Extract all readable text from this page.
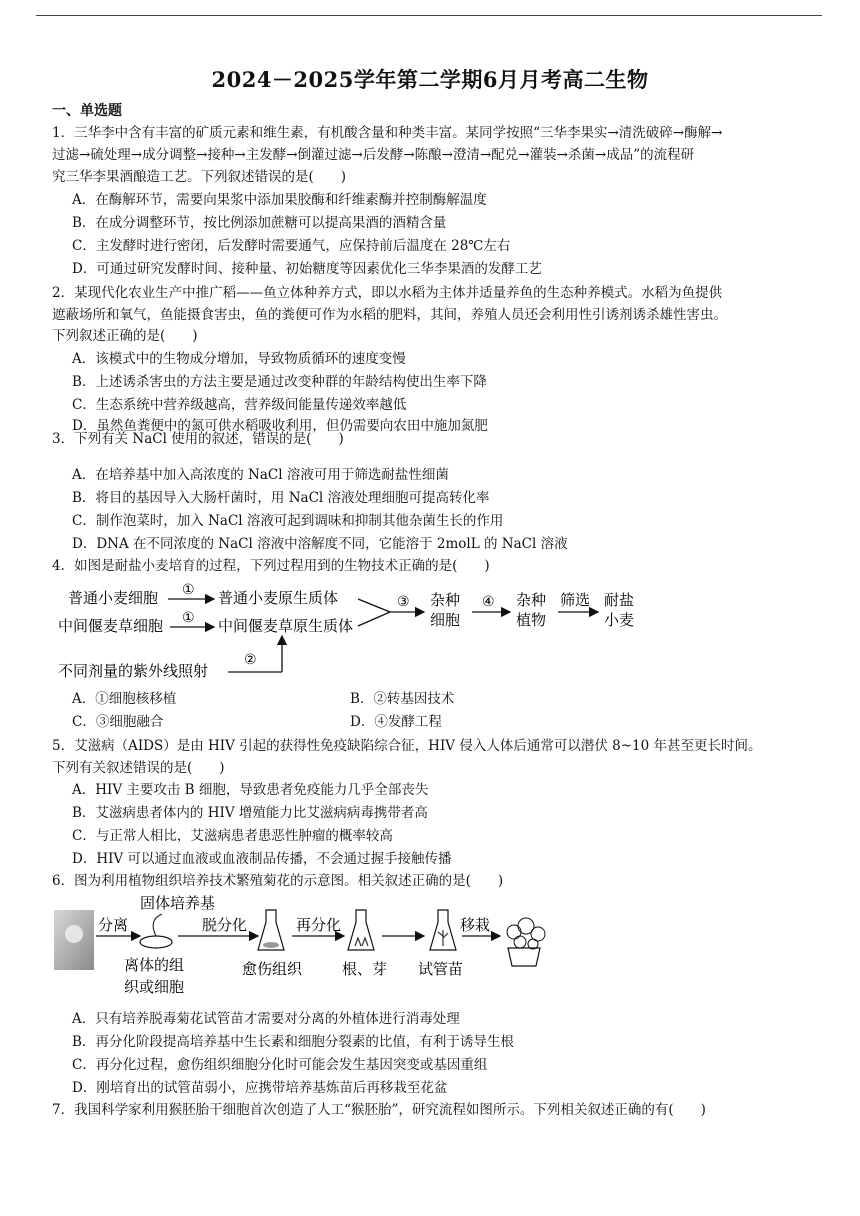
2024－2025学年第二学期6月月考高二生物
一、单选题
1．三华李中含有丰富的矿质元素和维生素，有机酸含量和种类丰富。某同学按照“三华李果实→清洗破碎→酶解→
过滤→硫处理→成分调整→接种→主发酵→倒灌过滤→后发酵→陈酿→澄清→配兑→灌装→杀菌→成品”的流程研
究三华李果酒酿造工艺。下列叙述错误的是(　　)
A．在酶解环节，需要向果浆中添加果胶酶和纤维素酶并控制酶解温度
B．在成分调整环节，按比例添加蔗糖可以提高果酒的酒精含量
C．主发酵时进行密闭，后发酵时需要通气，应保持前后温度在 28℃左右
D．可通过研究发酵时间、接种量、初始糖度等因素优化三华李果酒的发酵工艺
2．某现代化农业生产中推广稻——鱼立体种养方式，即以水稻为主体并适量养鱼的生态种养模式。水稻为鱼提供
遮蔽场所和氧气，鱼能摄食害虫，鱼的粪便可作为水稻的肥料，其间，养殖人员还会利用性引诱剂诱杀雄性害虫。
下列叙述正确的是(　　)
A．该模式中的生物成分增加，导致物质循环的速度变慢
B．上述诱杀害虫的方法主要是通过改变种群的年龄结构使出生率下降
C．生态系统中营养级越高，营养级间能量传递效率越低
D．虽然鱼粪便中的氮可供水稻吸收利用，但仍需要向农田中施加氮肥
3．下列有关 NaCl 使用的叙述，错误的是(　　)
A．在培养基中加入高浓度的 NaCl 溶液可用于筛选耐盐性细菌
B．将目的基因导入大肠杆菌时，用 NaCl 溶液处理细胞可提高转化率
C．制作泡菜时，加入 NaCl 溶液可起到调味和抑制其他杂菌生长的作用
D．DNA 在不同浓度的 NaCl 溶液中溶解度不同，它能溶于 2molL 的 NaCl 溶液
4．如图是耐盐小麦培育的过程，下列过程用到的生物技术正确的是(　　)
普通小麦细胞 ① 普通小麦原生质体
中间偃麦草细胞 ① 中间偃麦草原生质体
③ 杂种
细胞
④ 杂种
植物
筛选 耐盐
小麦
不同剂量的紫外线照射
②
A．①细胞核移植	B．②转基因技术
C．③细胞融合	D．④发酵工程
5．艾滋病（AIDS）是由 HIV 引起的获得性免疫缺陷综合征，HIV 侵入人体后通常可以潜伏 8~10 年甚至更长时间。
下列有关叙述错误的是(　　)
A．HIV 主要攻击 B 细胞，导致患者免疫能力几乎全部丧失
B．艾滋病患者体内的 HIV 增殖能力比艾滋病病毒携带者高
C．与正常人相比，艾滋病患者患恶性肿瘤的概率较高
D．HIV 可以通过血液或血液制品传播，不会通过握手接触传播
6．图为利用植物组织培养技术繁殖菊花的示意图。相关叙述正确的是(　　)
分离
固体培养基
离体的组
织或细胞
脱分化
愈伤组织
再分化
根、芽 试管苗
移栽
A．只有培养脱毒菊花试管苗才需要对分离的外植体进行消毒处理
B．再分化阶段提高培养基中生长素和细胞分裂素的比值，有利于诱导生根
C．再分化过程，愈伤组织细胞分化时可能会发生基因突变或基因重组
D．刚培育出的试管苗弱小，应携带培养基炼苗后再移栽至花盆
7．我国科学家利用猴胚胎干细胞首次创造了人工“猴胚胎”，研究流程如图所示。下列相关叙述正确的有(　　)
